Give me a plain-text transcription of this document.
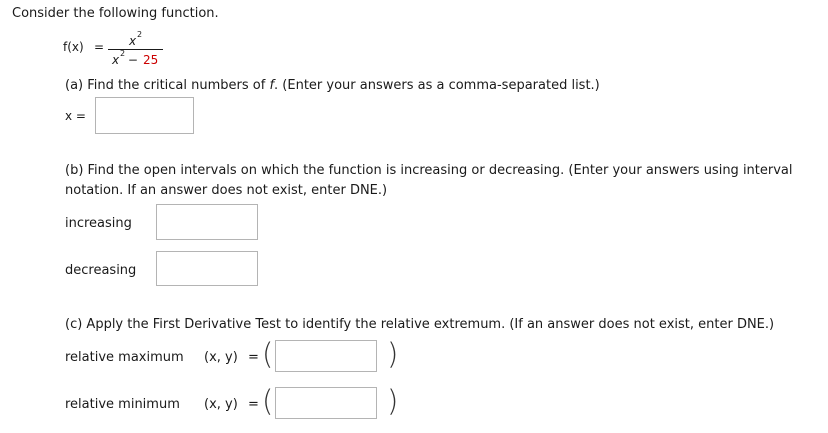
Consider the following function.
f(x) = x 2
x 2
− 25
(a) Find the critical numbers of f. (Enter your answers as a comma-separated list.)
x =
(b) Find the open intervals on which the function is increasing or decreasing. (Enter your answers using interval
notation. If an answer does not exist, enter DNE.)
increasing
decreasing
(c) Apply the First Derivative Test to identify the relative extremum. (If an answer does not exist, enter DNE.)
relative maximum (x, y) = (	)
relative minimum (x, y) = (	)
